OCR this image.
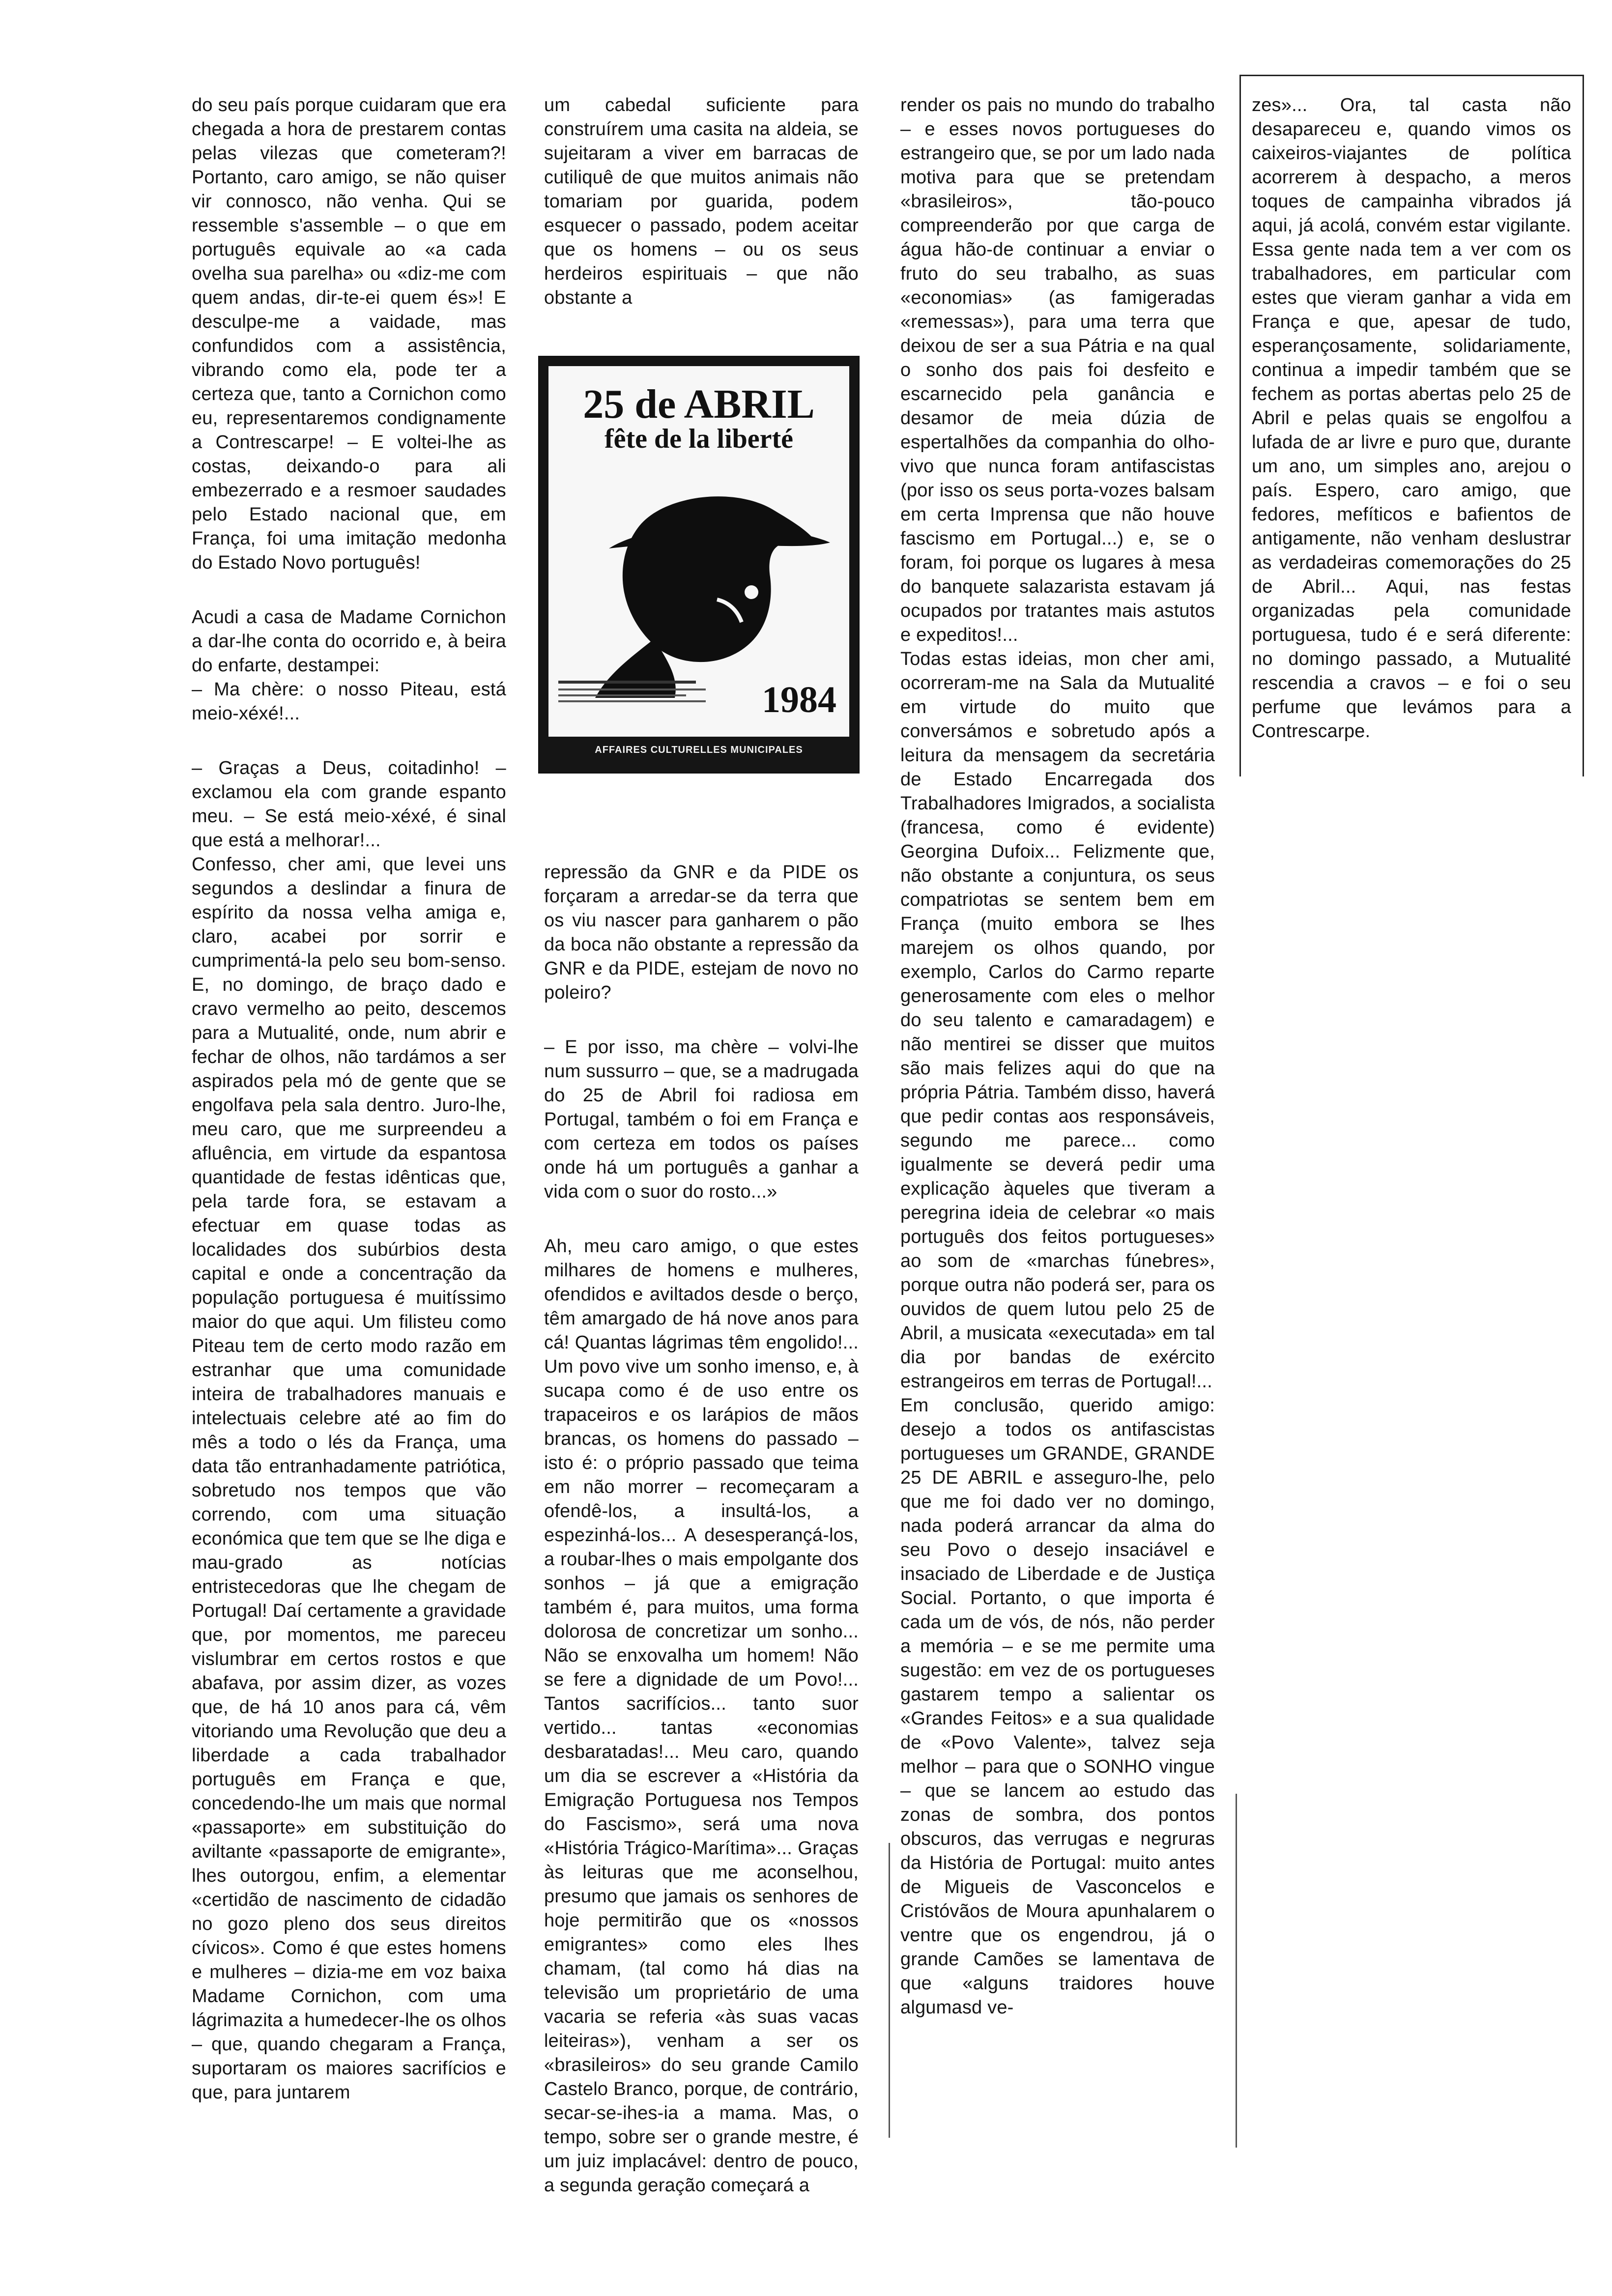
do seu país porque cuidaram que era chegada a hora de prestarem contas pelas vilezas que cometeram?! Portanto, caro amigo, se não quiser vir connosco, não venha. Qui se ressemble s'assemble – o que em português equivale ao «a cada ovelha sua parelha» ou «diz-me com quem andas, dir-te-ei quem és»! E desculpe-me a vaidade, mas confundidos com a assistência, vibrando como ela, pode ter a certeza que, tanto a Cornichon como eu, representaremos condignamente a Contrescarpe! – E voltei-lhe as costas, deixando-o para ali embezerrado e a resmoer saudades pelo Estado nacional que, em França, foi uma imitação medonha do Estado Novo português!

Acudi a casa de Madame Cornichon a dar-lhe conta do ocorrido e, à beira do enfarte, destampei:

– Ma chère: o nosso Piteau, está meio-xéxé!...

– Graças a Deus, coitadinho! – exclamou ela com grande espanto meu. – Se está meio-xéxé, é sinal que está a melhorar!...

Confesso, cher ami, que levei uns segundos a deslindar a finura de espírito da nossa velha amiga e, claro, acabei por sorrir e cumprimentá-la pelo seu bom-senso. E, no domingo, de braço dado e cravo vermelho ao peito, descemos para a Mutualité, onde, num abrir e fechar de olhos, não tardámos a ser aspirados pela mó de gente que se engolfava pela sala dentro. Juro-lhe, meu caro, que me surpreendeu a afluência, em virtude da espantosa quantidade de festas idênticas que, pela tarde fora, se estavam a efectuar em quase todas as localidades dos subúrbios desta capital e onde a concentração da população portuguesa é muitíssimo maior do que aqui. Um filisteu como Piteau tem de certo modo razão em estranhar que uma comunidade inteira de trabalhadores manuais e intelectuais celebre até ao fim do mês a todo o lés da França, uma data tão entranhadamente patriótica, sobretudo nos tempos que vão correndo, com uma situação económica que tem que se lhe diga e mau-grado as notícias entristecedoras que lhe chegam de Portugal! Daí certamente a gravidade que, por momentos, me pareceu vislumbrar em certos rostos e que abafava, por assim dizer, as vozes que, de há 10 anos para cá, vêm vitoriando uma Revolução que deu a liberdade a cada trabalhador português em França e que, concedendo-lhe um mais que normal «passaporte» em substituição do aviltante «passaporte de emigrante», lhes outorgou, enfim, a elementar «certidão de nascimento de cidadão no gozo pleno dos seus direitos cívicos». Como é que estes homens e mulheres – dizia-me em voz baixa Madame Cornichon, com uma lágrimazita a humedecer-lhe os olhos – que, quando chegaram a França, suportaram os maiores sacrifícios e que, para juntarem

um cabedal suficiente para construírem uma casita na aldeia, se sujeitaram a viver em barracas de cutiliquê de que muitos animais não tomariam por guarida, podem esquecer o passado, podem aceitar que os homens – ou os seus herdeiros espirituais – que não obstante a

repressão da GNR e da PIDE os forçaram a arredar-se da terra que os viu nascer para ganharem o pão da boca não obstante a repressão da GNR e da PIDE, estejam de novo no poleiro?

– E por isso, ma chère – volvi-lhe num sussurro – que, se a madrugada do 25 de Abril foi radiosa em Portugal, também o foi em França e com certeza em todos os países onde há um português a ganhar a vida com o suor do rosto...»

Ah, meu caro amigo, o que estes milhares de homens e mulheres, ofendidos e aviltados desde o berço, têm amargado de há nove anos para cá! Quantas lágrimas têm engolido!... Um povo vive um sonho imenso, e, à sucapa como é de uso entre os trapaceiros e os larápios de mãos brancas, os homens do passado – isto é: o próprio passado que teima em não morrer – recomeçaram a ofendê-los, a insultá-los, a espezinhá-los... A desesperançá-los, a roubar-lhes o mais empolgante dos sonhos – já que a emigração também é, para muitos, uma forma dolorosa de concretizar um sonho... Não se enxovalha um homem! Não se fere a dignidade de um Povo!... Tantos sacrifícios... tanto suor vertido... tantas «economias desbaratadas!... Meu caro, quando um dia se escrever a «História da Emigração Portuguesa nos Tempos do Fascismo», será uma nova «História Trágico-Marítima»... Graças às leituras que me aconselhou, presumo que jamais os senhores de hoje permitirão que os «nossos emigrantes» como eles lhes chamam, (tal como há dias na televisão um proprietário de uma vacaria se referia «às suas vacas leiteiras»), venham a ser os «brasileiros» do seu grande Camilo Castelo Branco, porque, de contrário, secar-se-ihes-ia a mama. Mas, o tempo, sobre ser o grande mestre, é um juiz implacável: dentro de pouco, a segunda geração começará a

25 de ABRIL
fête de la liberté
1984
AFFAIRES CULTURELLES MUNICIPALES

render os pais no mundo do trabalho – e esses novos portugueses do estrangeiro que, se por um lado nada motiva para que se pretendam «brasileiros», tão-pouco compreenderão por que carga de água hão-de continuar a enviar o fruto do seu trabalho, as suas «economias» (as famigeradas «remessas»), para uma terra que deixou de ser a sua Pátria e na qual o sonho dos pais foi desfeito e escarnecido pela ganância e desamor de meia dúzia de espertalhões da companhia do olho-vivo que nunca foram antifascistas (por isso os seus porta-vozes balsam em certa Imprensa que não houve fascismo em Portugal...) e, se o foram, foi porque os lugares à mesa do banquete salazarista estavam já ocupados por tratantes mais astutos e expeditos!...

Todas estas ideias, mon cher ami, ocorreram-me na Sala da Mutualité em virtude do muito que conversámos e sobretudo após a leitura da mensagem da secretária de Estado Encarregada dos Trabalhadores Imigrados, a socialista (francesa, como é evidente) Georgina Dufoix... Felizmente que, não obstante a conjuntura, os seus compatriotas se sentem bem em França (muito embora se lhes marejem os olhos quando, por exemplo, Carlos do Carmo reparte generosamente com eles o melhor do seu talento e camaradagem) e não mentirei se disser que muitos são mais felizes aqui do que na própria Pátria. Também disso, haverá que pedir contas aos responsáveis, segundo me parece... como igualmente se deverá pedir uma explicação àqueles que tiveram a peregrina ideia de celebrar «o mais português dos feitos portugueses» ao som de «marchas fúnebres», porque outra não poderá ser, para os ouvidos de quem lutou pelo 25 de Abril, a musicata «executada» em tal dia por bandas de exército estrangeiros em terras de Portugal!...

Em conclusão, querido amigo: desejo a todos os antifascistas portugueses um GRANDE, GRANDE 25 DE ABRIL e asseguro-lhe, pelo que me foi dado ver no domingo, nada poderá arrancar da alma do seu Povo o desejo insaciável e insaciado de Liberdade e de Justiça Social. Portanto, o que importa é cada um de vós, de nós, não perder a memória – e se me permite uma sugestão: em vez de os portugueses gastarem tempo a salientar os «Grandes Feitos» e a sua qualidade de «Povo Valente», talvez seja melhor – para que o SONHO vingue – que se lancem ao estudo das zonas de sombra, dos pontos obscuros, das verrugas e negruras da História de Portugal: muito antes de Migueis de Vasconcelos e Cristóvãos de Moura apunhalarem o ventre que os engendrou, já o grande Camões se lamentava de que «alguns traidores houve algumasd ve-

zes»... Ora, tal casta não desapareceu e, quando vimos os caixeiros-viajantes de política acorrerem à despacho, a meros toques de campainha vibrados já aqui, já acolá, convém estar vigilante. Essa gente nada tem a ver com os trabalhadores, em particular com estes que vieram ganhar a vida em França e que, apesar de tudo, esperançosamente, solidariamente, continua a impedir também que se fechem as portas abertas pelo 25 de Abril e pelas quais se engolfou a lufada de ar livre e puro que, durante um ano, um simples ano, arejou o país. Espero, caro amigo, que fedores, mefíticos e bafientos de antigamente, não venham deslustrar as verdadeiras comemorações do 25 de Abril... Aqui, nas festas organizadas pela comunidade portuguesa, tudo é e será diferente: no domingo passado, a Mutualité rescendia a cravos – e foi o seu perfume que levámos para a Contrescarpe.
